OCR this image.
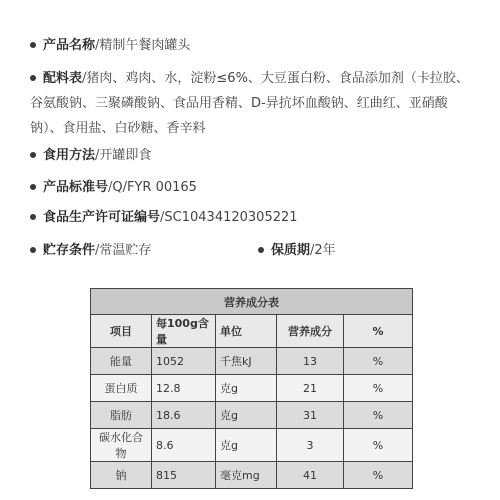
产品名称/精制午餐肉罐头
配料表/猪肉、鸡肉、水，淀粉≤6%、大豆蛋白粉、食品添加剂（卡拉胶、谷氨酸钠、三聚磷酸钠、食品用香精、D-异抗坏血酸钠、红曲红、亚硝酸钠）、食用盐、白砂糖、香辛料
食用方法/开罐即食
产品标准号/Q/FYR 00165
食品生产许可证编号/SC10434120305221
贮存条件/常温贮存	保质期/2年
营养成分表				
项目	每100g含量	单位	营养成分	%
能量	1052	千焦kJ	13	%
蛋白质	12.8	克g	21	%
脂肪	18.6	克g	31	%
碳水化合物	8.6	克g	3	%
钠	815	毫克mg	41	%
